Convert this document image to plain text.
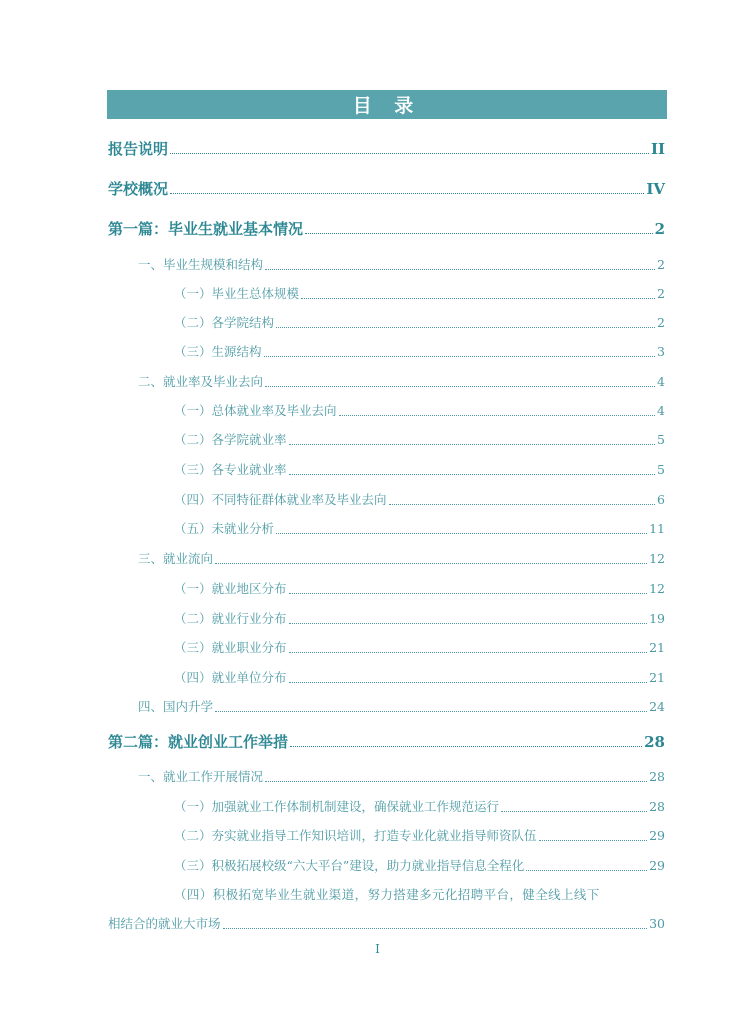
目 录
报告说明	II
学校概况	IV
第一篇：毕业生就业基本情况	2
一、毕业生规模和结构	2
（一）毕业生总体规模	2
（二）各学院结构	2
（三）生源结构	3
二、就业率及毕业去向	4
（一）总体就业率及毕业去向	4
（二）各学院就业率	5
（三）各专业就业率	5
（四）不同特征群体就业率及毕业去向	6
（五）未就业分析	11
三、就业流向	12
（一）就业地区分布	12
（二）就业行业分布	19
（三）就业职业分布	21
（四）就业单位分布	21
四、国内升学	24
第二篇：就业创业工作举措	28
一、就业工作开展情况	28
（一）加强就业工作体制机制建设，确保就业工作规范运行	28
（二）夯实就业指导工作知识培训，打造专业化就业指导师资队伍	29
（三）积极拓展校级“六大平台”建设，助力就业指导信息全程化	29
（四）积极拓宽毕业生就业渠道，努力搭建多元化招聘平台，健全线上线下
相结合的就业大市场	30
I
